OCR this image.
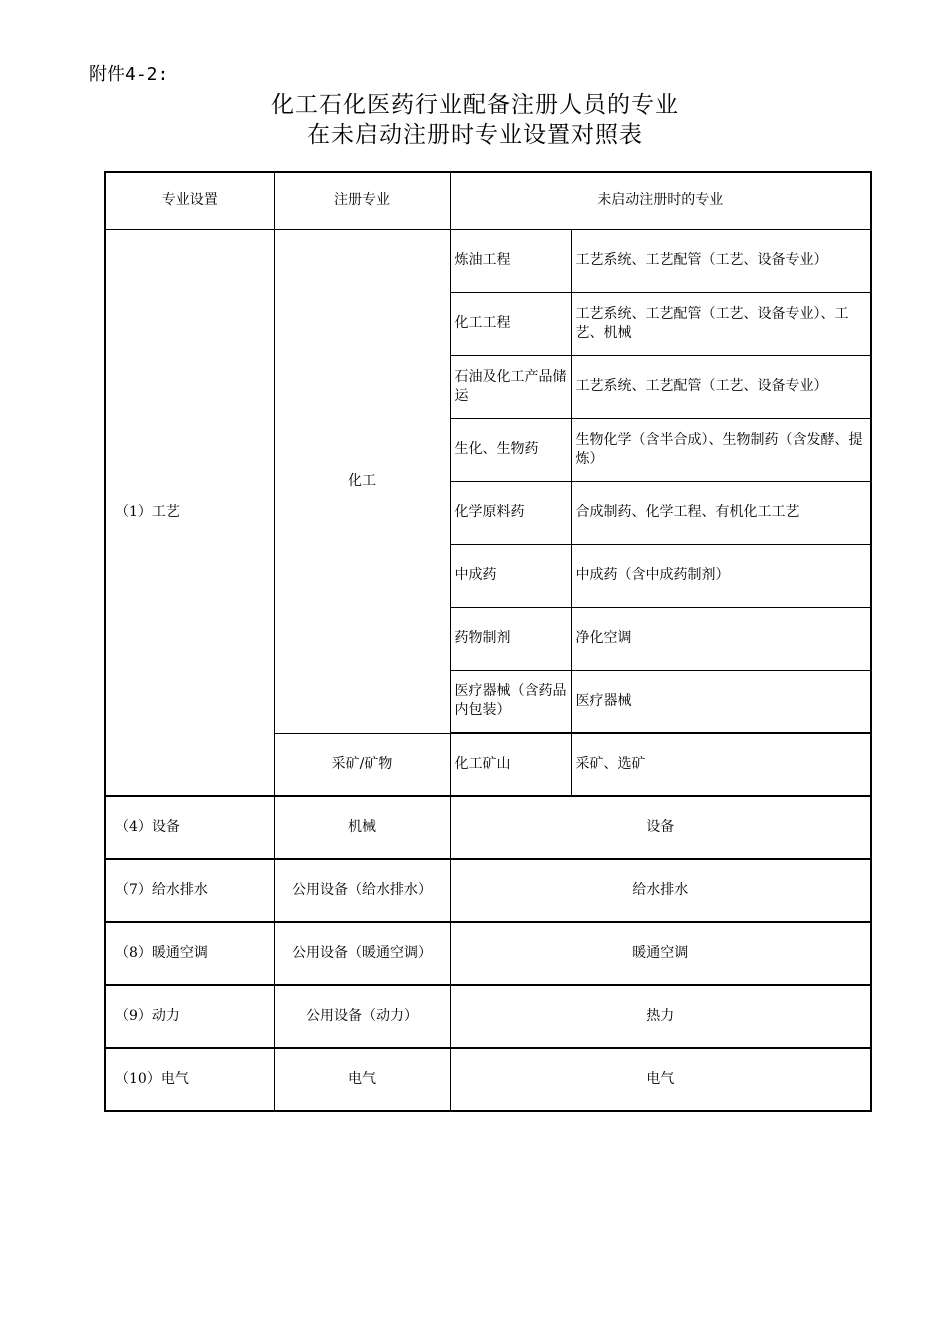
附件4-2:
化工石化医药行业配备注册人员的专业
在未启动注册时专业设置对照表
专业设置	注册专业	未启动注册时的专业	
（1）工艺	化工	炼油工程	工艺系统、工艺配管（工艺、设备专业）
		化工工程	工艺系统、工艺配管（工艺、设备专业）、工艺、机械
		石油及化工产品储运	工艺系统、工艺配管（工艺、设备专业）
		生化、生物药	生物化学（含半合成）、生物制药（含发酵、提炼）
		化学原料药	合成制药、化学工程、有机化工工艺
		中成药	中成药（含中成药制剂）
		药物制剂	净化空调
		医疗器械（含药品内包装）	医疗器械
	采矿/矿物	化工矿山	采矿、选矿
（4）设备	机械	设备	
（7）给水排水	公用设备（给水排水）	给水排水	
（8）暖通空调	公用设备（暖通空调）	暖通空调	
（9）动力	公用设备（动力）	热力	
（10）电气	电气	电气	
